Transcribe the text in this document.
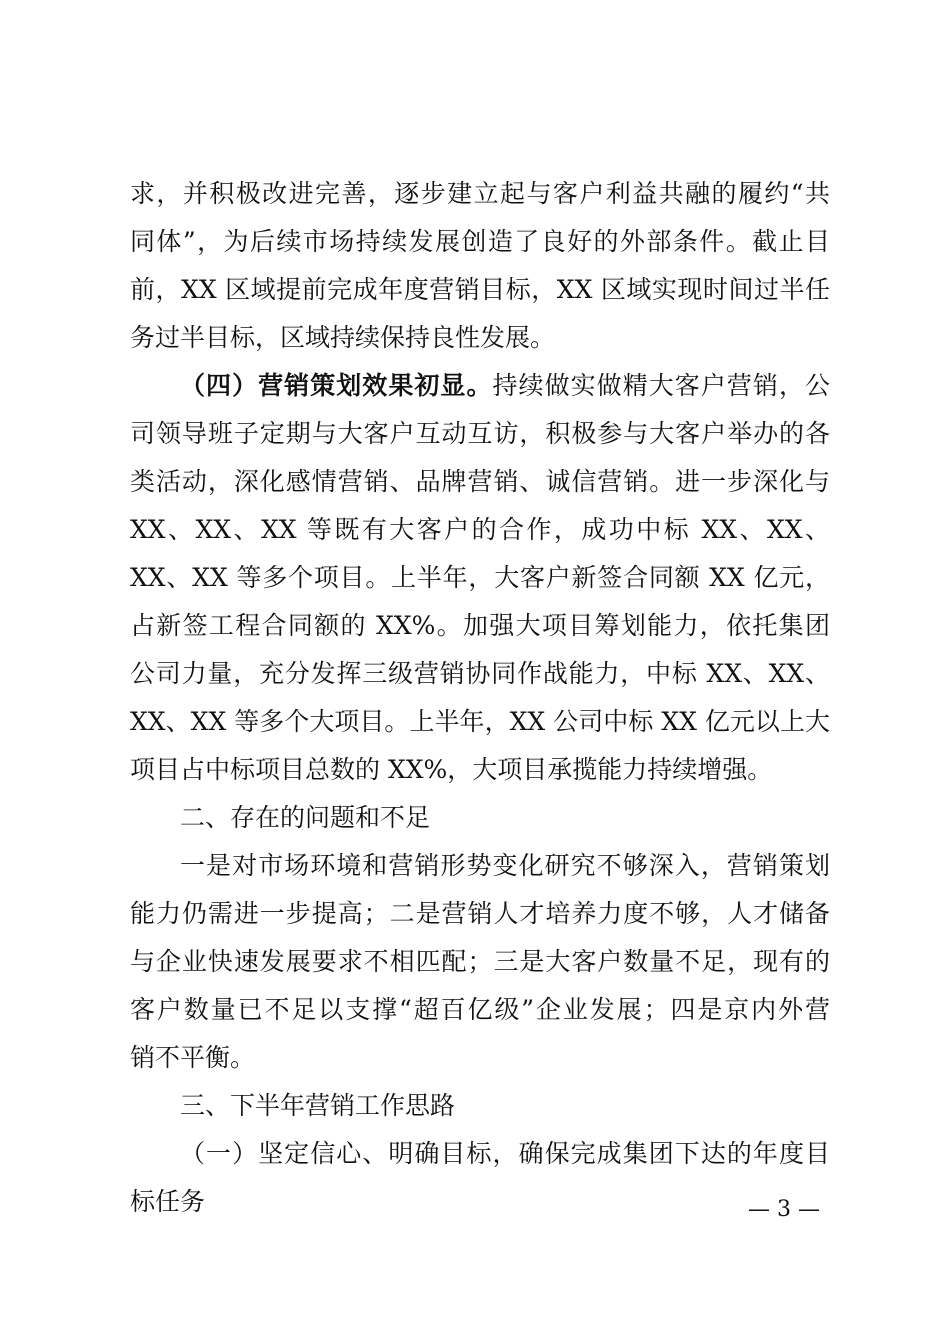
求，并积极改进完善，逐步建立起与客户利益共融的履约“共
同体”，为后续市场持续发展创造了良好的外部条件。截止目
前，XX 区域提前完成年度营销目标，XX 区域实现时间过半任
务过半目标，区域持续保持良性发展。
（四）营销策划效果初显。持续做实做精大客户营销，公
司领导班子定期与大客户互动互访，积极参与大客户举办的各
类活动，深化感情营销、品牌营销、诚信营销。进一步深化与
XX、XX、XX 等既有大客户的合作，成功中标 XX、XX、
XX、XX 等多个项目。上半年，大客户新签合同额 XX 亿元，
占新签工程合同额的 XX%。加强大项目筹划能力，依托集团
公司力量，充分发挥三级营销协同作战能力，中标 XX、XX、
XX、XX 等多个大项目。上半年，XX 公司中标 XX 亿元以上大
项目占中标项目总数的 XX%，大项目承揽能力持续增强。
二、存在的问题和不足
一是对市场环境和营销形势变化研究不够深入，营销策划
能力仍需进一步提高；二是营销人才培养力度不够，人才储备
与企业快速发展要求不相匹配；三是大客户数量不足，现有的
客户数量已不足以支撑“超百亿级”企业发展；四是京内外营
销不平衡。
三、下半年营销工作思路
（一）坚定信心、明确目标，确保完成集团下达的年度目
标任务	— 3 —
